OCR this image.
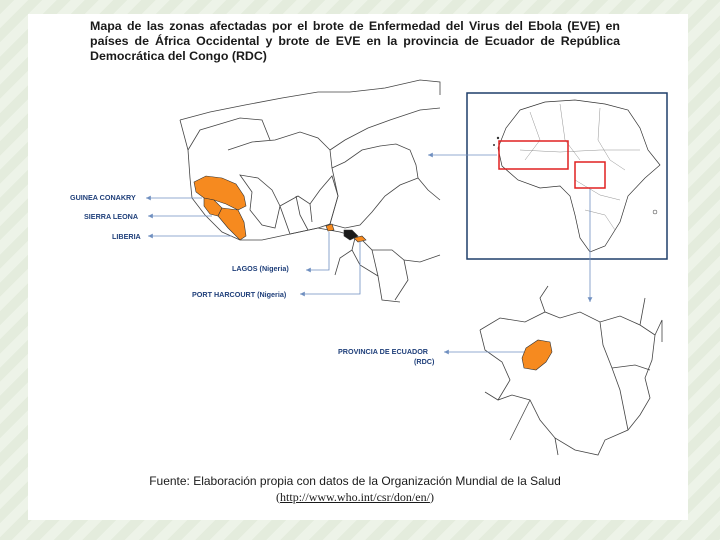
Mapa de las zonas afectadas por el brote de Enfermedad del Virus del Ebola (EVE) en países de África Occidental y brote de EVE en la provincia de Ecuador de República Democrática del Congo (RDC)

GUINEA CONAKRY
SIERRA LEONA
LIBERIA
LAGOS (Nigeria)
PORT HARCOURT (Nigeria)
PROVINCIA DE ECUADOR
(RDC)
Fuente: Elaboración propia con datos de la Organización Mundial de la Salud
(http://www.who.int/csr/don/en/)
